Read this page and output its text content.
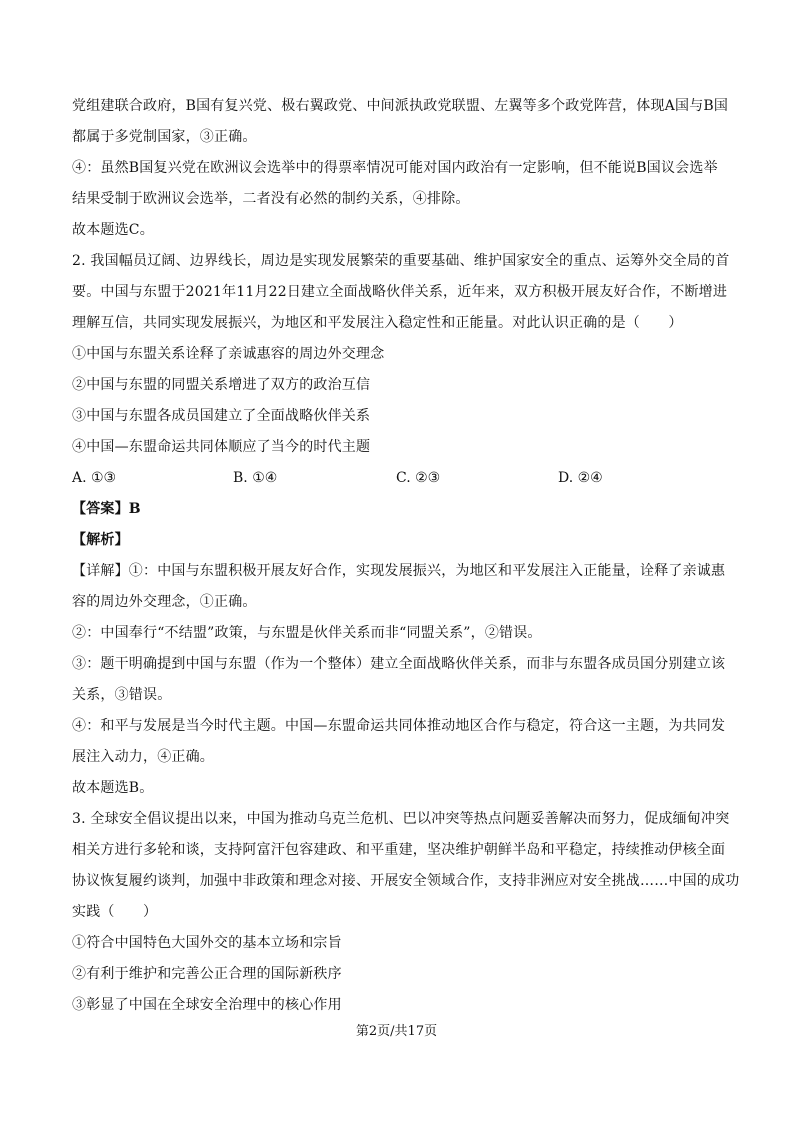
党组建联合政府，B国有复兴党、极右翼政党、中间派执政党联盟、左翼等多个政党阵营，体现A国与B国
都属于多党制国家，③正确。
④：虽然B国复兴党在欧洲议会选举中的得票率情况可能对国内政治有一定影响，但不能说B国议会选举
结果受制于欧洲议会选举，二者没有必然的制约关系，④排除。
故本题选C。
2. 我国幅员辽阔、边界线长，周边是实现发展繁荣的重要基础、维护国家安全的重点、运筹外交全局的首
要。中国与东盟于2021年11月22日建立全面战略伙伴关系，近年来，双方积极开展友好合作，不断增进
理解互信，共同实现发展振兴，为地区和平发展注入稳定性和正能量。对此认识正确的是（　　）
①中国与东盟关系诠释了亲诚惠容的周边外交理念
②中国与东盟的同盟关系增进了双方的政治互信
③中国与东盟各成员国建立了全面战略伙伴关系
④中国—东盟命运共同体顺应了当今的时代主题
A. ①③	B. ①④	C. ②③	D. ②④
【答案】B
【解析】
【详解】①：中国与东盟积极开展友好合作，实现发展振兴，为地区和平发展注入正能量，诠释了亲诚惠
容的周边外交理念，①正确。
②：中国奉行“不结盟”政策，与东盟是伙伴关系而非“同盟关系”，②错误。
③：题干明确提到中国与东盟（作为一个整体）建立全面战略伙伴关系，而非与东盟各成员国分别建立该
关系，③错误。
④：和平与发展是当今时代主题。中国—东盟命运共同体推动地区合作与稳定，符合这一主题，为共同发
展注入动力，④正确。
故本题选B。
3. 全球安全倡议提出以来，中国为推动乌克兰危机、巴以冲突等热点问题妥善解决而努力，促成缅甸冲突
相关方进行多轮和谈，支持阿富汗包容建政、和平重建，坚决维护朝鲜半岛和平稳定，持续推动伊核全面
协议恢复履约谈判，加强中非政策和理念对接、开展安全领域合作，支持非洲应对安全挑战……中国的成功
实践（　　）
①符合中国特色大国外交的基本立场和宗旨
②有利于维护和完善公正合理的国际新秩序
③彰显了中国在全球安全治理中的核心作用
第2页/共17页
